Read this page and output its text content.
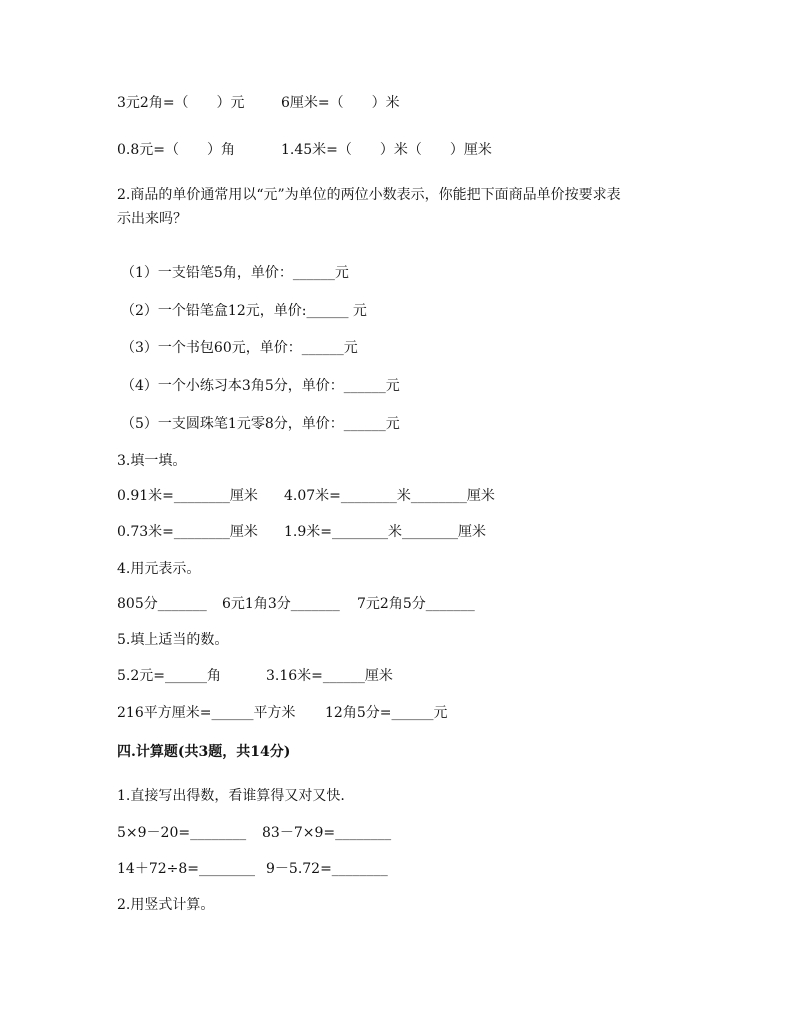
3元2角=（　　）元

	6厘米=（　　）米

0.8元=（　　）角

	1.45米=（　　）米（　　）厘米

2.商品的单价通常用以“元”为单位的两位小数表示，你能把下面商品单价按要求表

示出来吗？

（1）一支铅笔5角，单价：______元

（2）一个铅笔盒12元，单价:______ 元

（3）一个书包60元，单价：______元

（4）一个小练习本3角5分，单价：______元

（5）一支圆珠笔1元零8分，单价：______元

3.填一填。

0.91米=________厘米

4.07米=________米________厘米

0.73米=________厘米

1.9米=________米________厘米

4.用元表示。

805分_______

6元1角3分_______

7元2角5分_______

5.填上适当的数。

5.2元=______角

	3.16米=______厘米

216平方厘米=______平方米

12角5分=______元

四.计算题(共3题，共14分)

1.直接写出得数，看谁算得又对又快.

5×9－20=________

83－7×9=________

14＋72÷8=________

9－5.72=________

2.用竖式计算。
